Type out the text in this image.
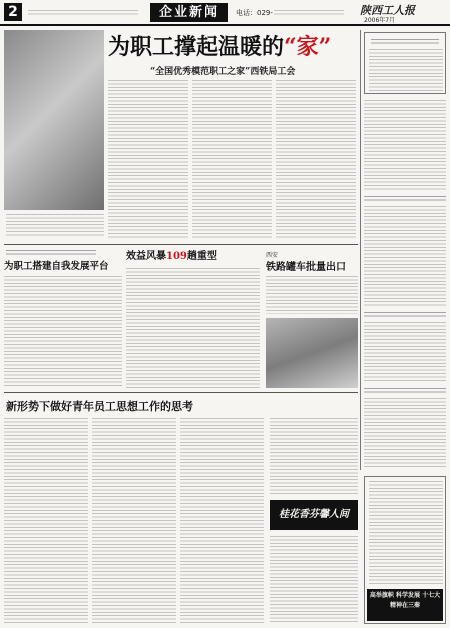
2	企业新闻	电话：029-	陕西工人报
2006年7月
为职工撑起温暖的“家”
“全国优秀模范职工之家”西铁局工会
为职工搭建自我发展平台
效益风暴109趟重型	西安
铁路罐车批量出口
新形势下做好青年员工思想工作的思考
桂花香芬馨人间
高举旗帜 科学发展 十七大精神在三秦
